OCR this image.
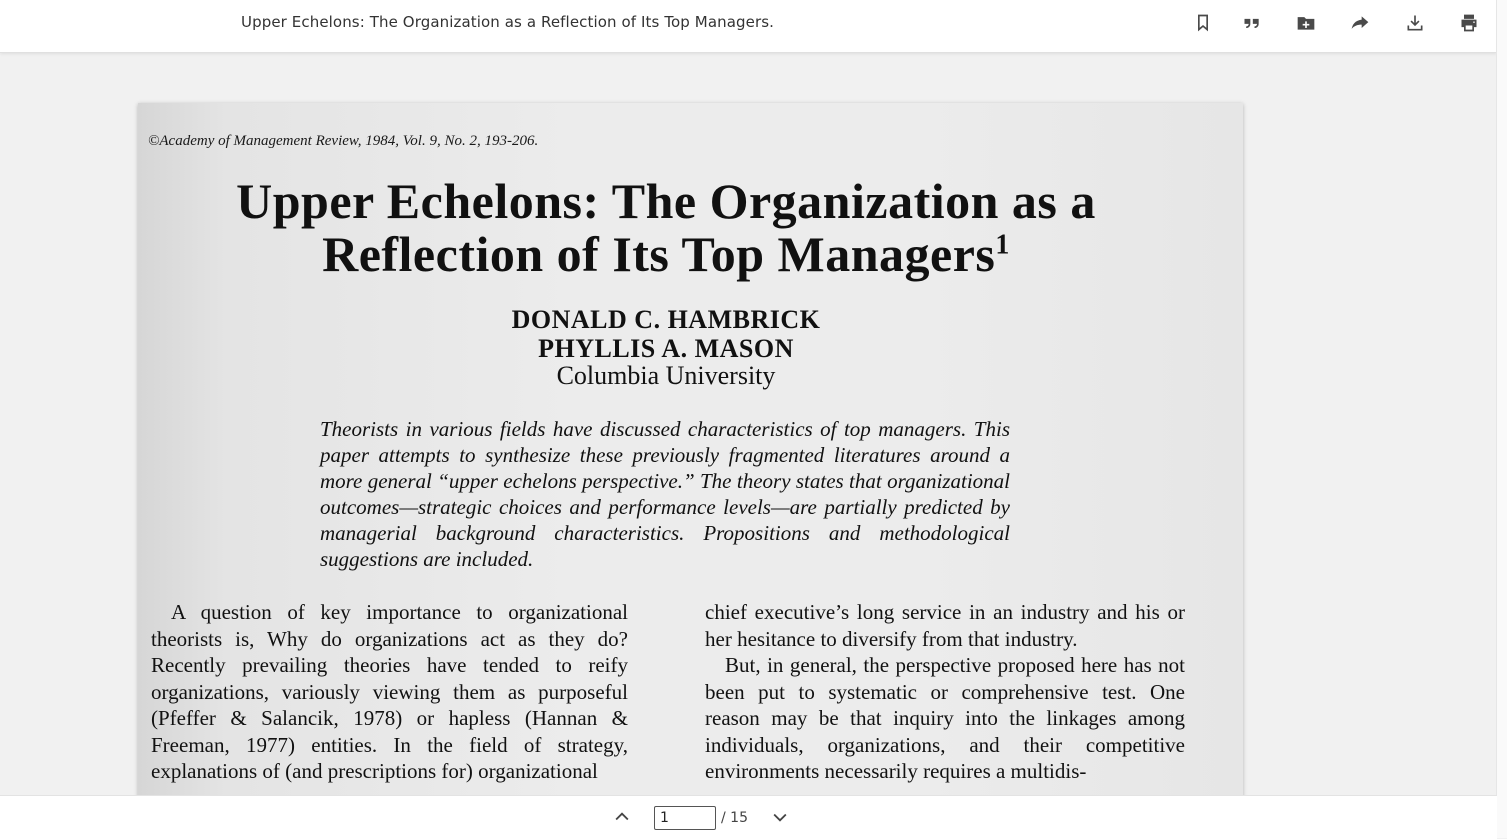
Upper Echelons: The Organization as a Reflection of Its Top Managers.
©Academy of Management Review, 1984, Vol. 9, No. 2, 193-206.
Upper Echelons: The Organization as a
Reflection of Its Top Managers$^1$
DONALD C. HAMBRICK
PHYLLIS A. MASON
Columbia University
Theorists in various fields have discussed characteristics of top managers. This paper attempts to synthesize these previously fragmented literatures around a more general “upper echelons perspective.” The theory states that organizational outcomes—strategic choices and performance levels—are partially predicted by managerial background characteristics. Propositions and methodological suggestions are included.

A question of key importance to organizational theorists is, Why do organizations act as they do? Recently prevailing theories have tended to reify organizations, variously viewing them as purposeful (Pfeffer & Salancik, 1978) or hapless (Hannan & Freeman, 1977) entities. In the field of strategy, explanations of (and prescriptions for) organizational

chief executive’s long service in an industry and his or her hesitance to diversify from that industry.

But, in general, the perspective proposed here has not been put to systematic or comprehensive test. One reason may be that inquiry into the linkages among individuals, organizations, and their competitive environments necessarily requires a multidis-

1
/ 15
